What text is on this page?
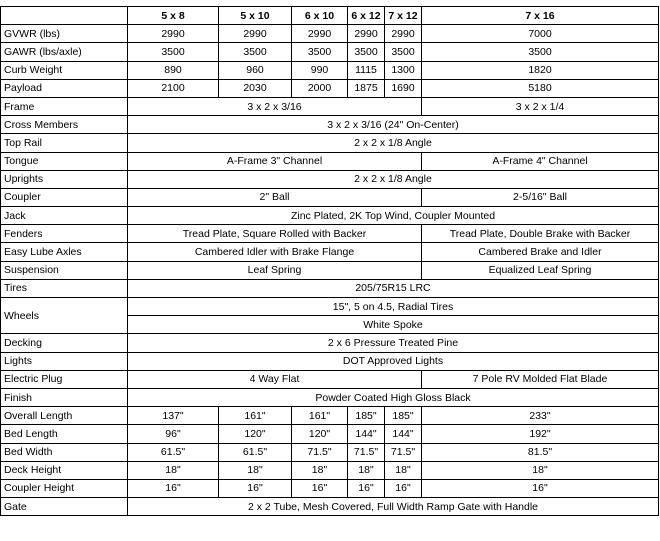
	5 x 8	5 x 10	6 x 10	6 x 12	7 x 12	7 x 16
GVWR (lbs)	2990	2990	2990	2990	2990	7000
GAWR (lbs/axle)	3500	3500	3500	3500	3500	3500
Curb Weight	890	960	990	1115	1300	1820
Payload	2100	2030	2000	1875	1690	5180
Frame	3 x 2 x 3/16					3 x 2 x 1/4
Cross Members	3 x 2 x 3/16 (24" On-Center)					
Top Rail	2 x 2 x 1/8 Angle					
Tongue	A-Frame 3" Channel					A-Frame 4" Channel
Uprights	2 x 2 x 1/8 Angle					
Coupler	2" Ball					2-5/16" Ball
Jack	Zinc Plated, 2K Top Wind, Coupler Mounted					
Fenders	Tread Plate, Square Rolled with Backer					Tread Plate, Double Brake with Backer
Easy Lube Axles	Cambered Idler with Brake Flange					Cambered Brake and Idler
Suspension	Leaf Spring					Equalized Leaf Spring
Tires	205/75R15 LRC					
Wheels	15", 5 on 4.5, Radial Tires					
	White Spoke					
Decking	2 x 6 Pressure Treated Pine					
Lights	DOT Approved Lights					
Electric Plug	4 Way Flat					7 Pole RV Molded Flat Blade
Finish	Powder Coated High Gloss Black					
Overall Length	137"	161"	161"	185"	185"	233"
Bed Length	96"	120"	120"	144"	144"	192"
Bed Width	61.5"	61.5"	71.5"	71.5"	71.5"	81.5"
Deck Height	18"	18"	18"	18"	18"	18"
Coupler Height	16"	16"	16"	16"	16"	16"
Gate	2 x 2 Tube, Mesh Covered, Full Width Ramp Gate with Handle					
